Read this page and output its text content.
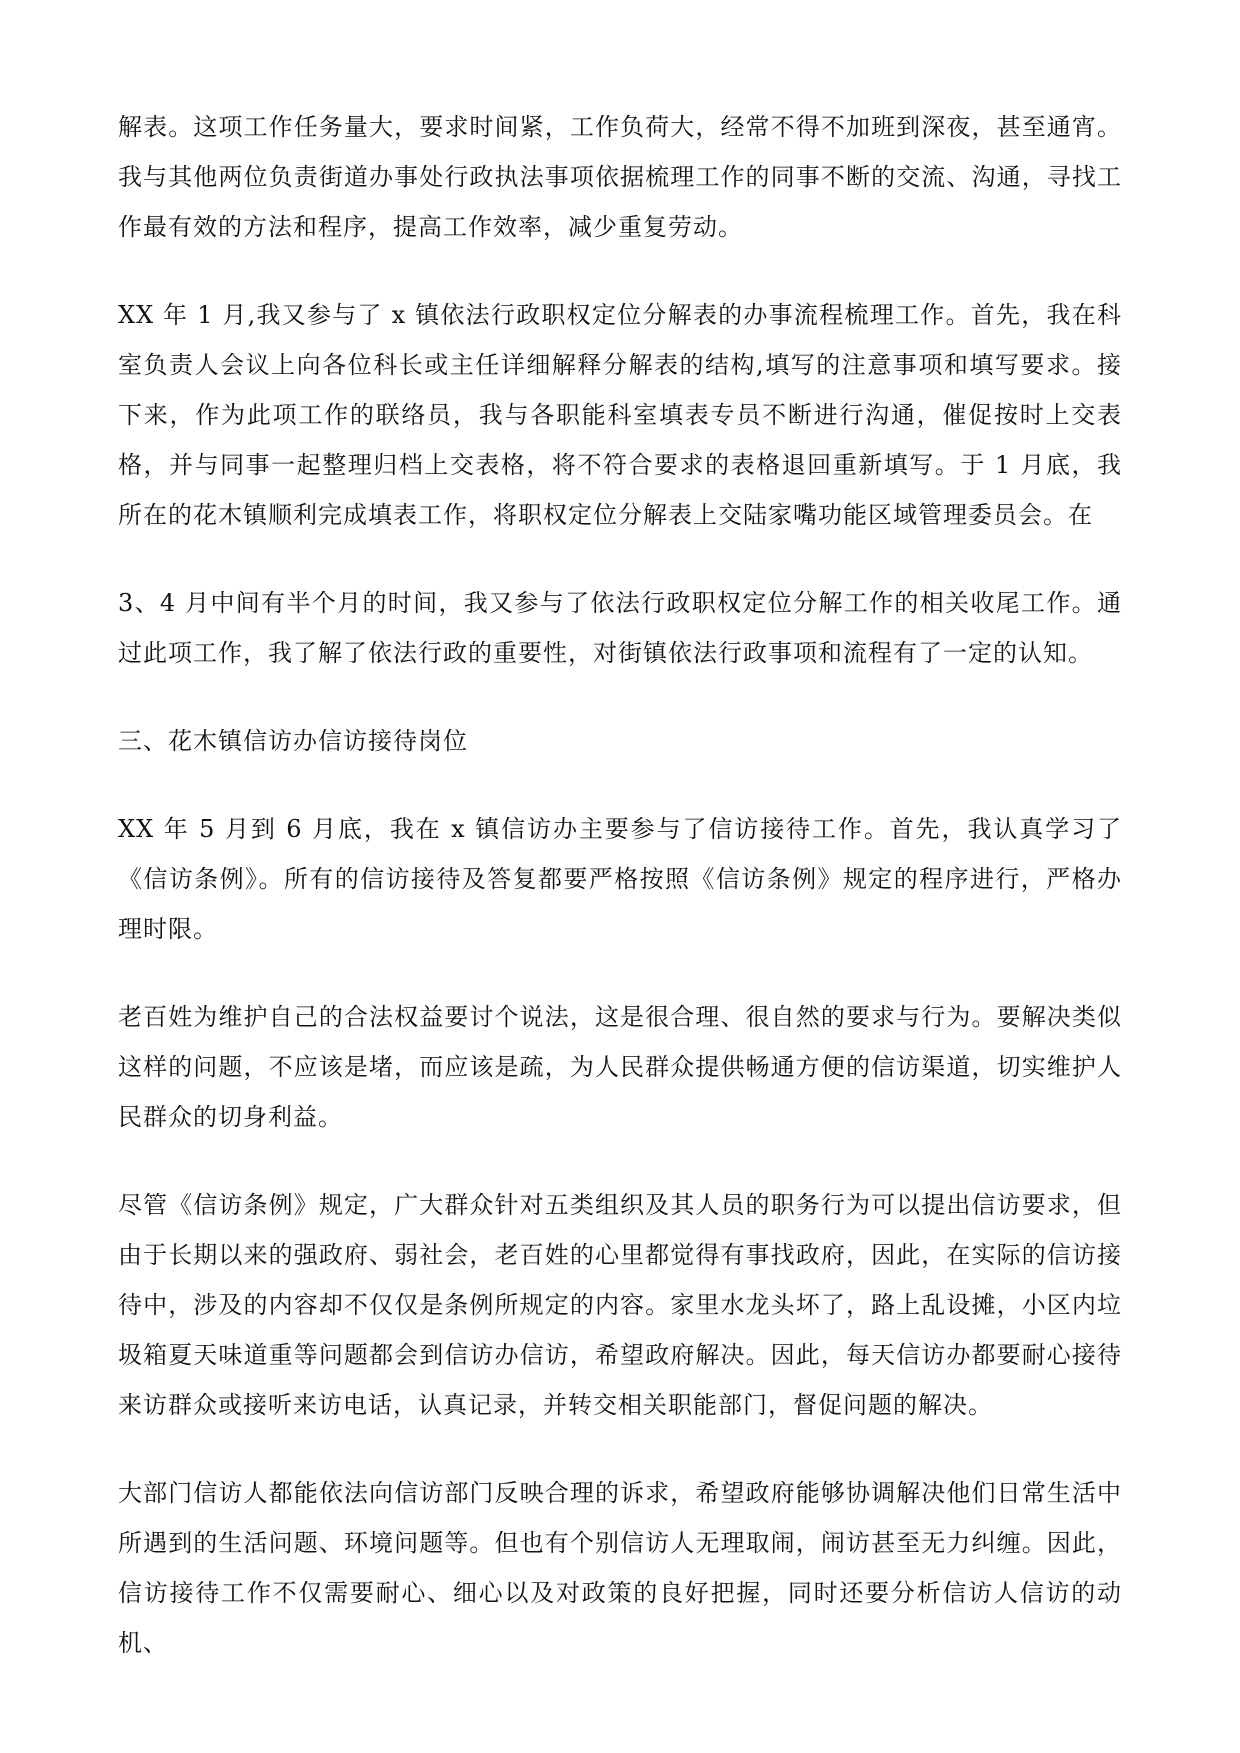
解表。这项工作任务量大，要求时间紧，工作负荷大，经常不得不加班到深夜，甚至通宵。我与其他两位负责街道办事处行政执法事项依据梳理工作的同事不断的交流、沟通，寻找工作最有效的方法和程序，提高工作效率，减少重复劳动。

XX 年 1 月,我又参与了 x 镇依法行政职权定位分解表的办事流程梳理工作。首先，我在科室负责人会议上向各位科长或主任详细解释分解表的结构,填写的注意事项和填写要求。接下来，作为此项工作的联络员，我与各职能科室填表专员不断进行沟通，催促按时上交表格，并与同事一起整理归档上交表格，将不符合要求的表格退回重新填写。于 1 月底，我所在的花木镇顺利完成填表工作，将职权定位分解表上交陆家嘴功能区域管理委员会。在

3、4 月中间有半个月的时间，我又参与了依法行政职权定位分解工作的相关收尾工作。通过此项工作，我了解了依法行政的重要性，对街镇依法行政事项和流程有了一定的认知。

三、花木镇信访办信访接待岗位

XX 年 5 月到 6 月底，我在 x 镇信访办主要参与了信访接待工作。首先，我认真学习了《信访条例》。所有的信访接待及答复都要严格按照《信访条例》规定的程序进行，严格办理时限。

老百姓为维护自己的合法权益要讨个说法，这是很合理、很自然的要求与行为。要解决类似这样的问题，不应该是堵，而应该是疏，为人民群众提供畅通方便的信访渠道，切实维护人民群众的切身利益。

尽管《信访条例》规定，广大群众针对五类组织及其人员的职务行为可以提出信访要求，但由于长期以来的强政府、弱社会，老百姓的心里都觉得有事找政府，因此，在实际的信访接待中，涉及的内容却不仅仅是条例所规定的内容。家里水龙头坏了，路上乱设摊，小区内垃圾箱夏天味道重等问题都会到信访办信访，希望政府解决。因此，每天信访办都要耐心接待来访群众或接听来访电话，认真记录，并转交相关职能部门，督促问题的解决。

大部门信访人都能依法向信访部门反映合理的诉求，希望政府能够协调解决他们日常生活中所遇到的生活问题、环境问题等。但也有个别信访人无理取闹，闹访甚至无力纠缠。因此，信访接待工作不仅需要耐心、细心以及对政策的良好把握，同时还要分析信访人信访的动机、
